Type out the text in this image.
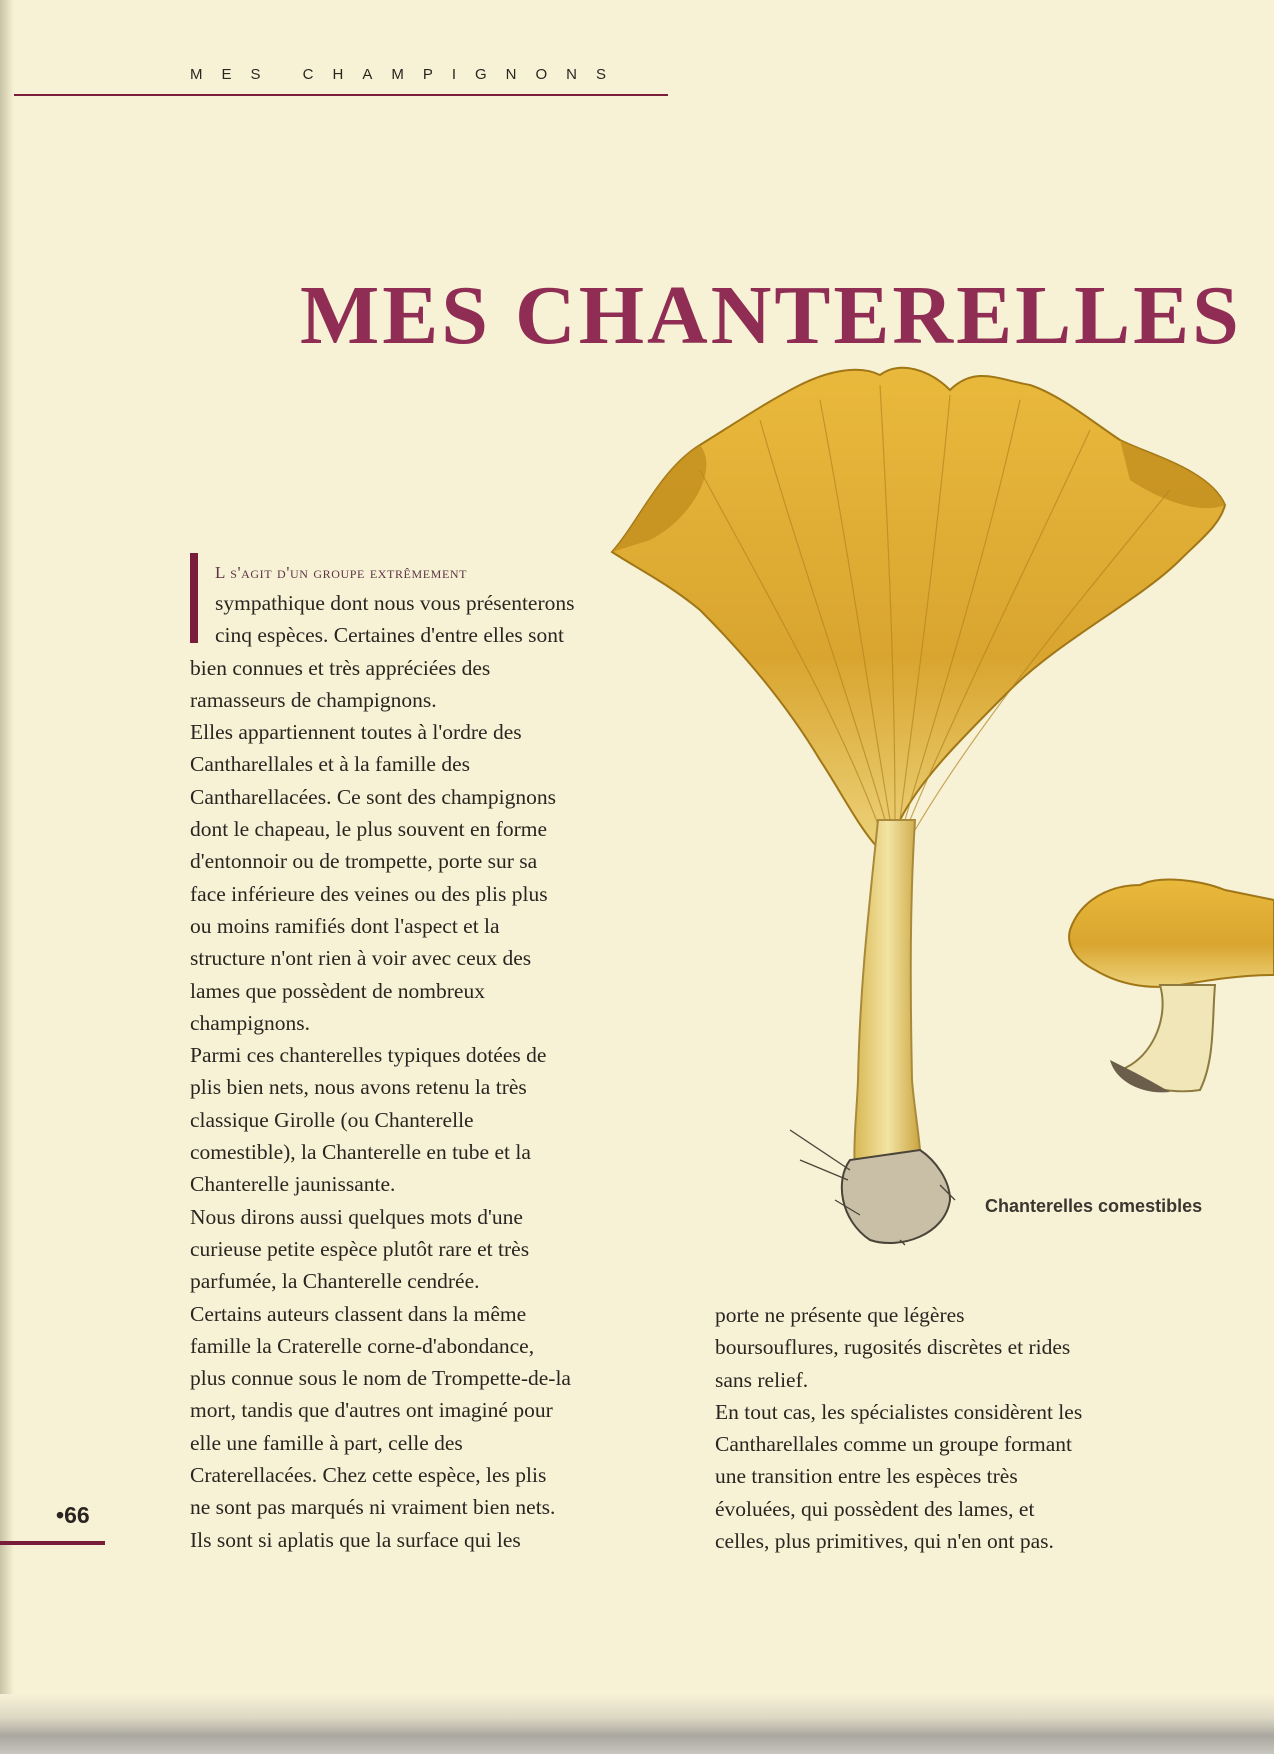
MES CHAMPIGNONS
MES CHANTERELLES
L s'agit d'un groupe extrêmement

sympathique dont nous vous présenterons

cinq espèces. Certaines d'entre elles sont

bien connues et très appréciées des

ramasseurs de champignons.

Elles appartiennent toutes à l'ordre des

Cantharellales et à la famille des

Cantharellacées. Ce sont des champignons

dont le chapeau, le plus souvent en forme

d'entonnoir ou de trompette, porte sur sa

face inférieure des veines ou des plis plus

ou moins ramifiés dont l'aspect et la

structure n'ont rien à voir avec ceux des

lames que possèdent de nombreux

champignons.

Parmi ces chanterelles typiques dotées de

plis bien nets, nous avons retenu la très

classique Girolle (ou Chanterelle

comestible), la Chanterelle en tube et la

Chanterelle jaunissante.

Nous dirons aussi quelques mots d'une

curieuse petite espèce plutôt rare et très

parfumée, la Chanterelle cendrée.

Certains auteurs classent dans la même

famille la Craterelle corne-d'abondance,

plus connue sous le nom de Trompette-de-la

mort, tandis que d'autres ont imaginé pour

elle une famille à part, celle des

Craterellacées. Chez cette espèce, les plis

ne sont pas marqués ni vraiment bien nets.

Ils sont si aplatis que la surface qui les

porte ne présente que légères

boursouflures, rugosités discrètes et rides

sans relief.

En tout cas, les spécialistes considèrent les

Cantharellales comme un groupe formant

une transition entre les espèces très

évoluées, qui possèdent des lames, et

celles, plus primitives, qui n'en ont pas.

Chanterelles comestibles
•66
